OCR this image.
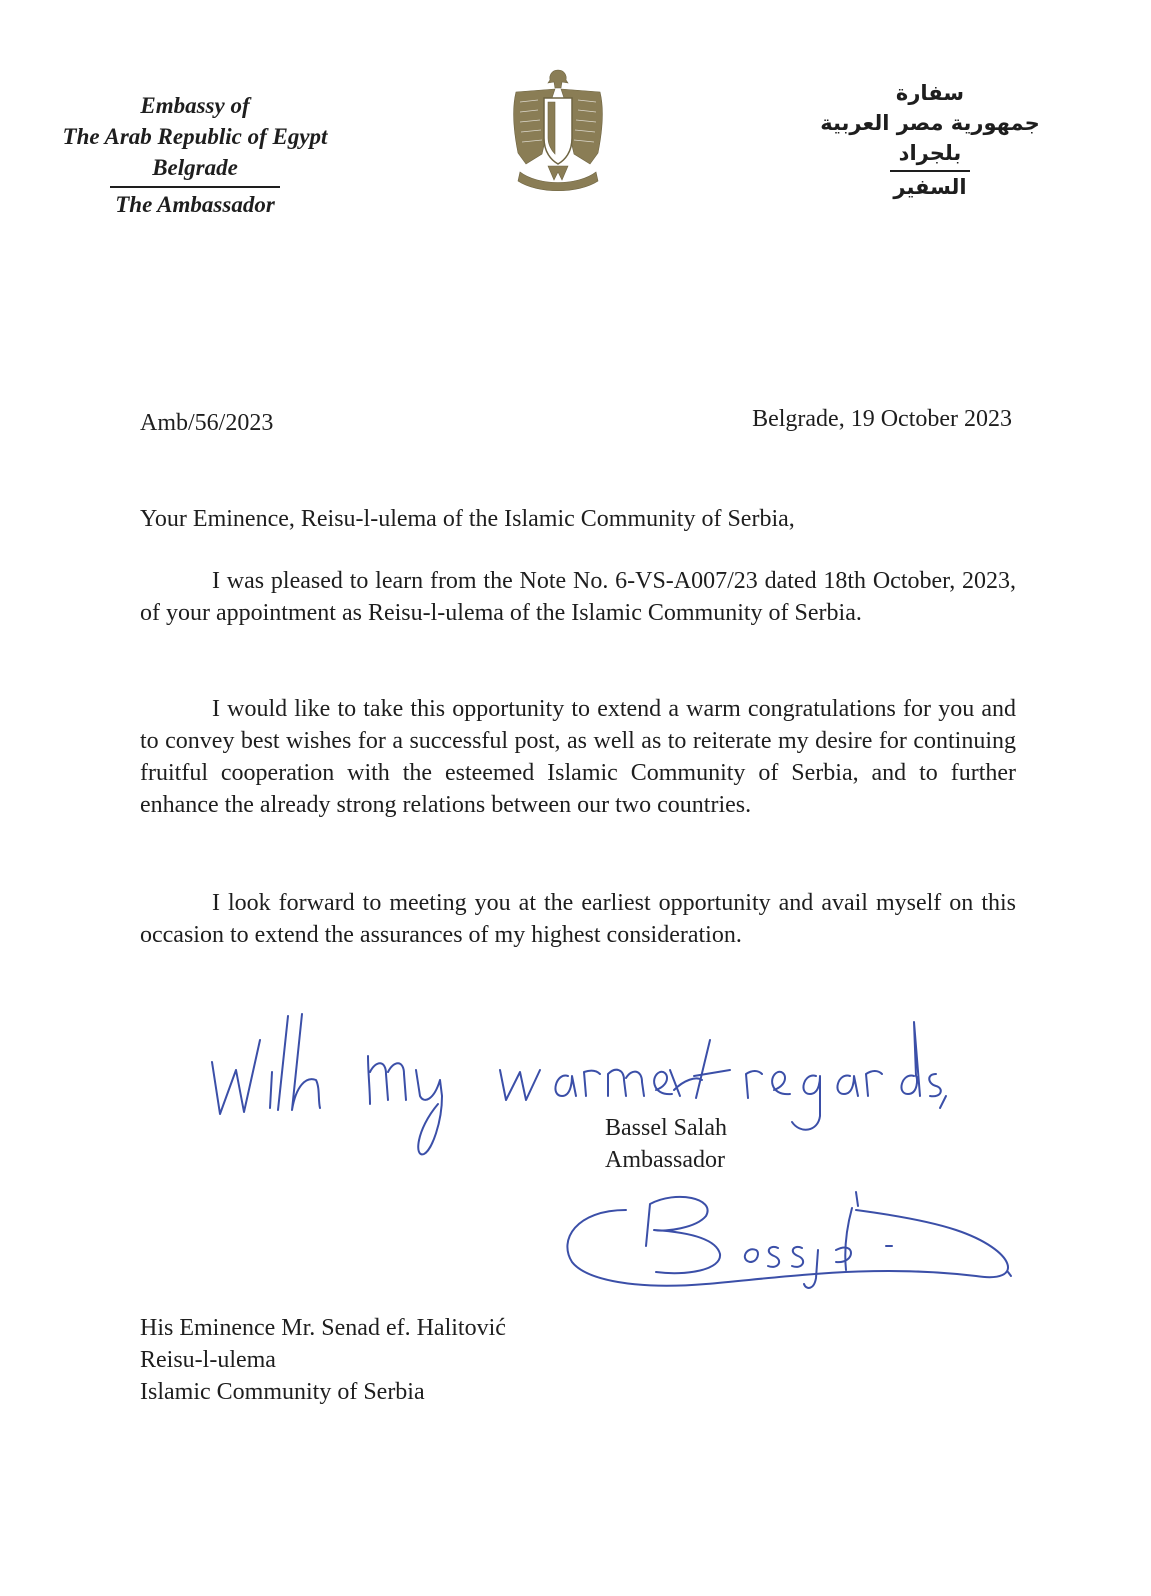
Embassy of
The Arab Republic of Egypt
Belgrade
The Ambassador
سفارة
جمهورية مصر العربية
بلجراد
السفير
Amb/56/2023	Belgrade, 19 October 2023
Your Eminence, Reisu-l-ulema of the Islamic Community of Serbia,
I was pleased to learn from the Note No. 6-VS-A007/23 dated 18th October, 2023, of your appointment as Reisu-l-ulema of the Islamic Community of Serbia.
I would like to take this opportunity to extend a warm congratulations for you and to convey best wishes for a successful post, as well as to reiterate my desire for continuing fruitful cooperation with the esteemed Islamic Community of Serbia, and to further enhance the already strong relations between our two countries.
I look forward to meeting you at the earliest opportunity and avail myself on this occasion to extend the assurances of my highest consideration.
Bassel Salah
Ambassador
His Eminence Mr. Senad ef. Halitović
Reisu-l-ulema
Islamic Community of Serbia
